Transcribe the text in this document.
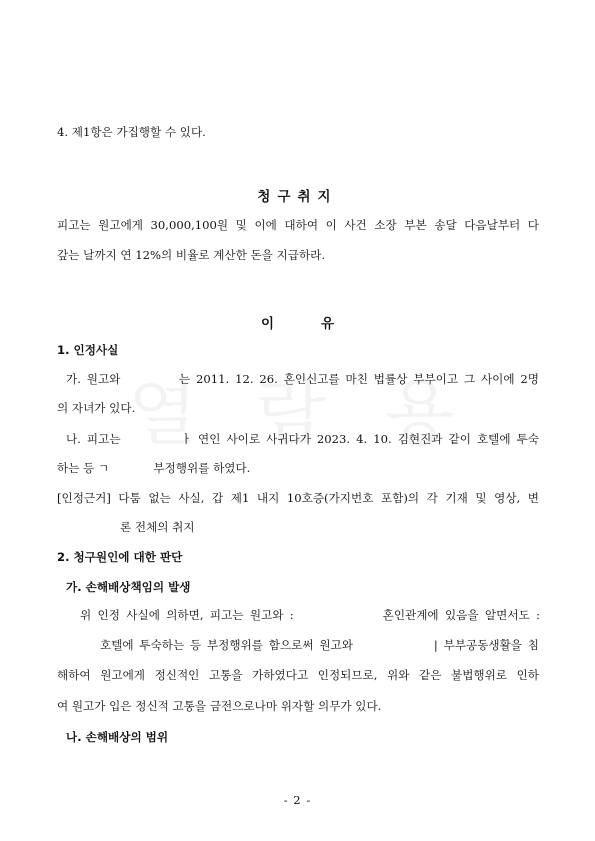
4. 제1항은 가집행할 수 있다.
청구취지
피고는 원고에게 30,000,100원 및 이에 대하여 이 사건 소장 부본 송달 다음날부터 다
갚는 날까지 연 12%의 비율로 계산한 돈을 지급하라.
이          유
1. 인정사실
가. 원고와          는 2011. 12. 26. 혼인신고를 마친 법률상 부부이고 그 사이에 2명
의 자녀가 있다.
나. 피고는          ㅏ 연인 사이로 사귀다가 2023. 4. 10. 김현진과 같이 호텔에 투숙
하는 등 ㄱ            부정행위를 하였다.
[인정근거] 다툼 없는 사실, 갑 제1 내지 10호증(가지번호 포함)의 각 기재 및 영상, 변
론 전체의 취지
2. 청구원인에 대한 판단
가. 손해배상책임의 발생
위 인정 사실에 의하면, 피고는 원고와 :              혼인관계에 있음을 알면서도 :
호텔에 투숙하는 등 부정행위를 함으로써 원고와              | 부부공동생활을 침
해하여 원고에게 정신적인 고통을 가하였다고 인정되므로, 위와 같은 불법행위로 인하
여 원고가 입은 정신적 고통을 금전으로나마 위자할 의무가 있다.
나. 손해배상의 범위
- 2 -
